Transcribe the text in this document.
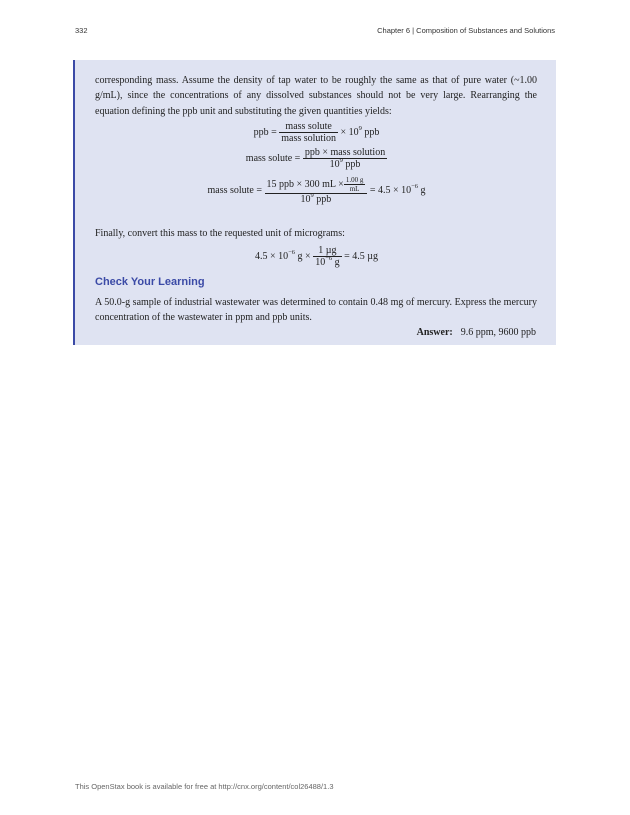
332	Chapter 6 | Composition of Substances and Solutions
corresponding mass. Assume the density of tap water to be roughly the same as that of pure water (~1.00
g/mL), since the concentrations of any dissolved substances should not be very large. Rearranging the
equation defining the ppb unit and substituting the given quantities yields:
ppb = $\frac{\text{mass solute}}{\text{mass solution}} \times 10^9$ ppb
mass solute = $\frac{\text{ppb × mass solution}}{10^9 ppb}$
mass solute = $\frac{15 ppb \times 300 mL \times \frac{1.00 g}{mL}}{10^9 ppb} = 4.5 \times 10^{-6}$ g
Finally, convert this mass to the requested unit of micrograms:
$4.5 \times 10^{-6}$ $g \times \frac{\text{1 µg}}{10^{-6} g} = 4.5$ µg
Check Your Learning
A 50.0-g sample of industrial wastewater was determined to contain 0.48 mg of mercury. Express the mercury concentration of the wastewater in ppm and ppb units.
Answer: 9.6 ppm, 9600 ppb
This OpenStax book is available for free at http://cnx.org/content/col26488/1.3
